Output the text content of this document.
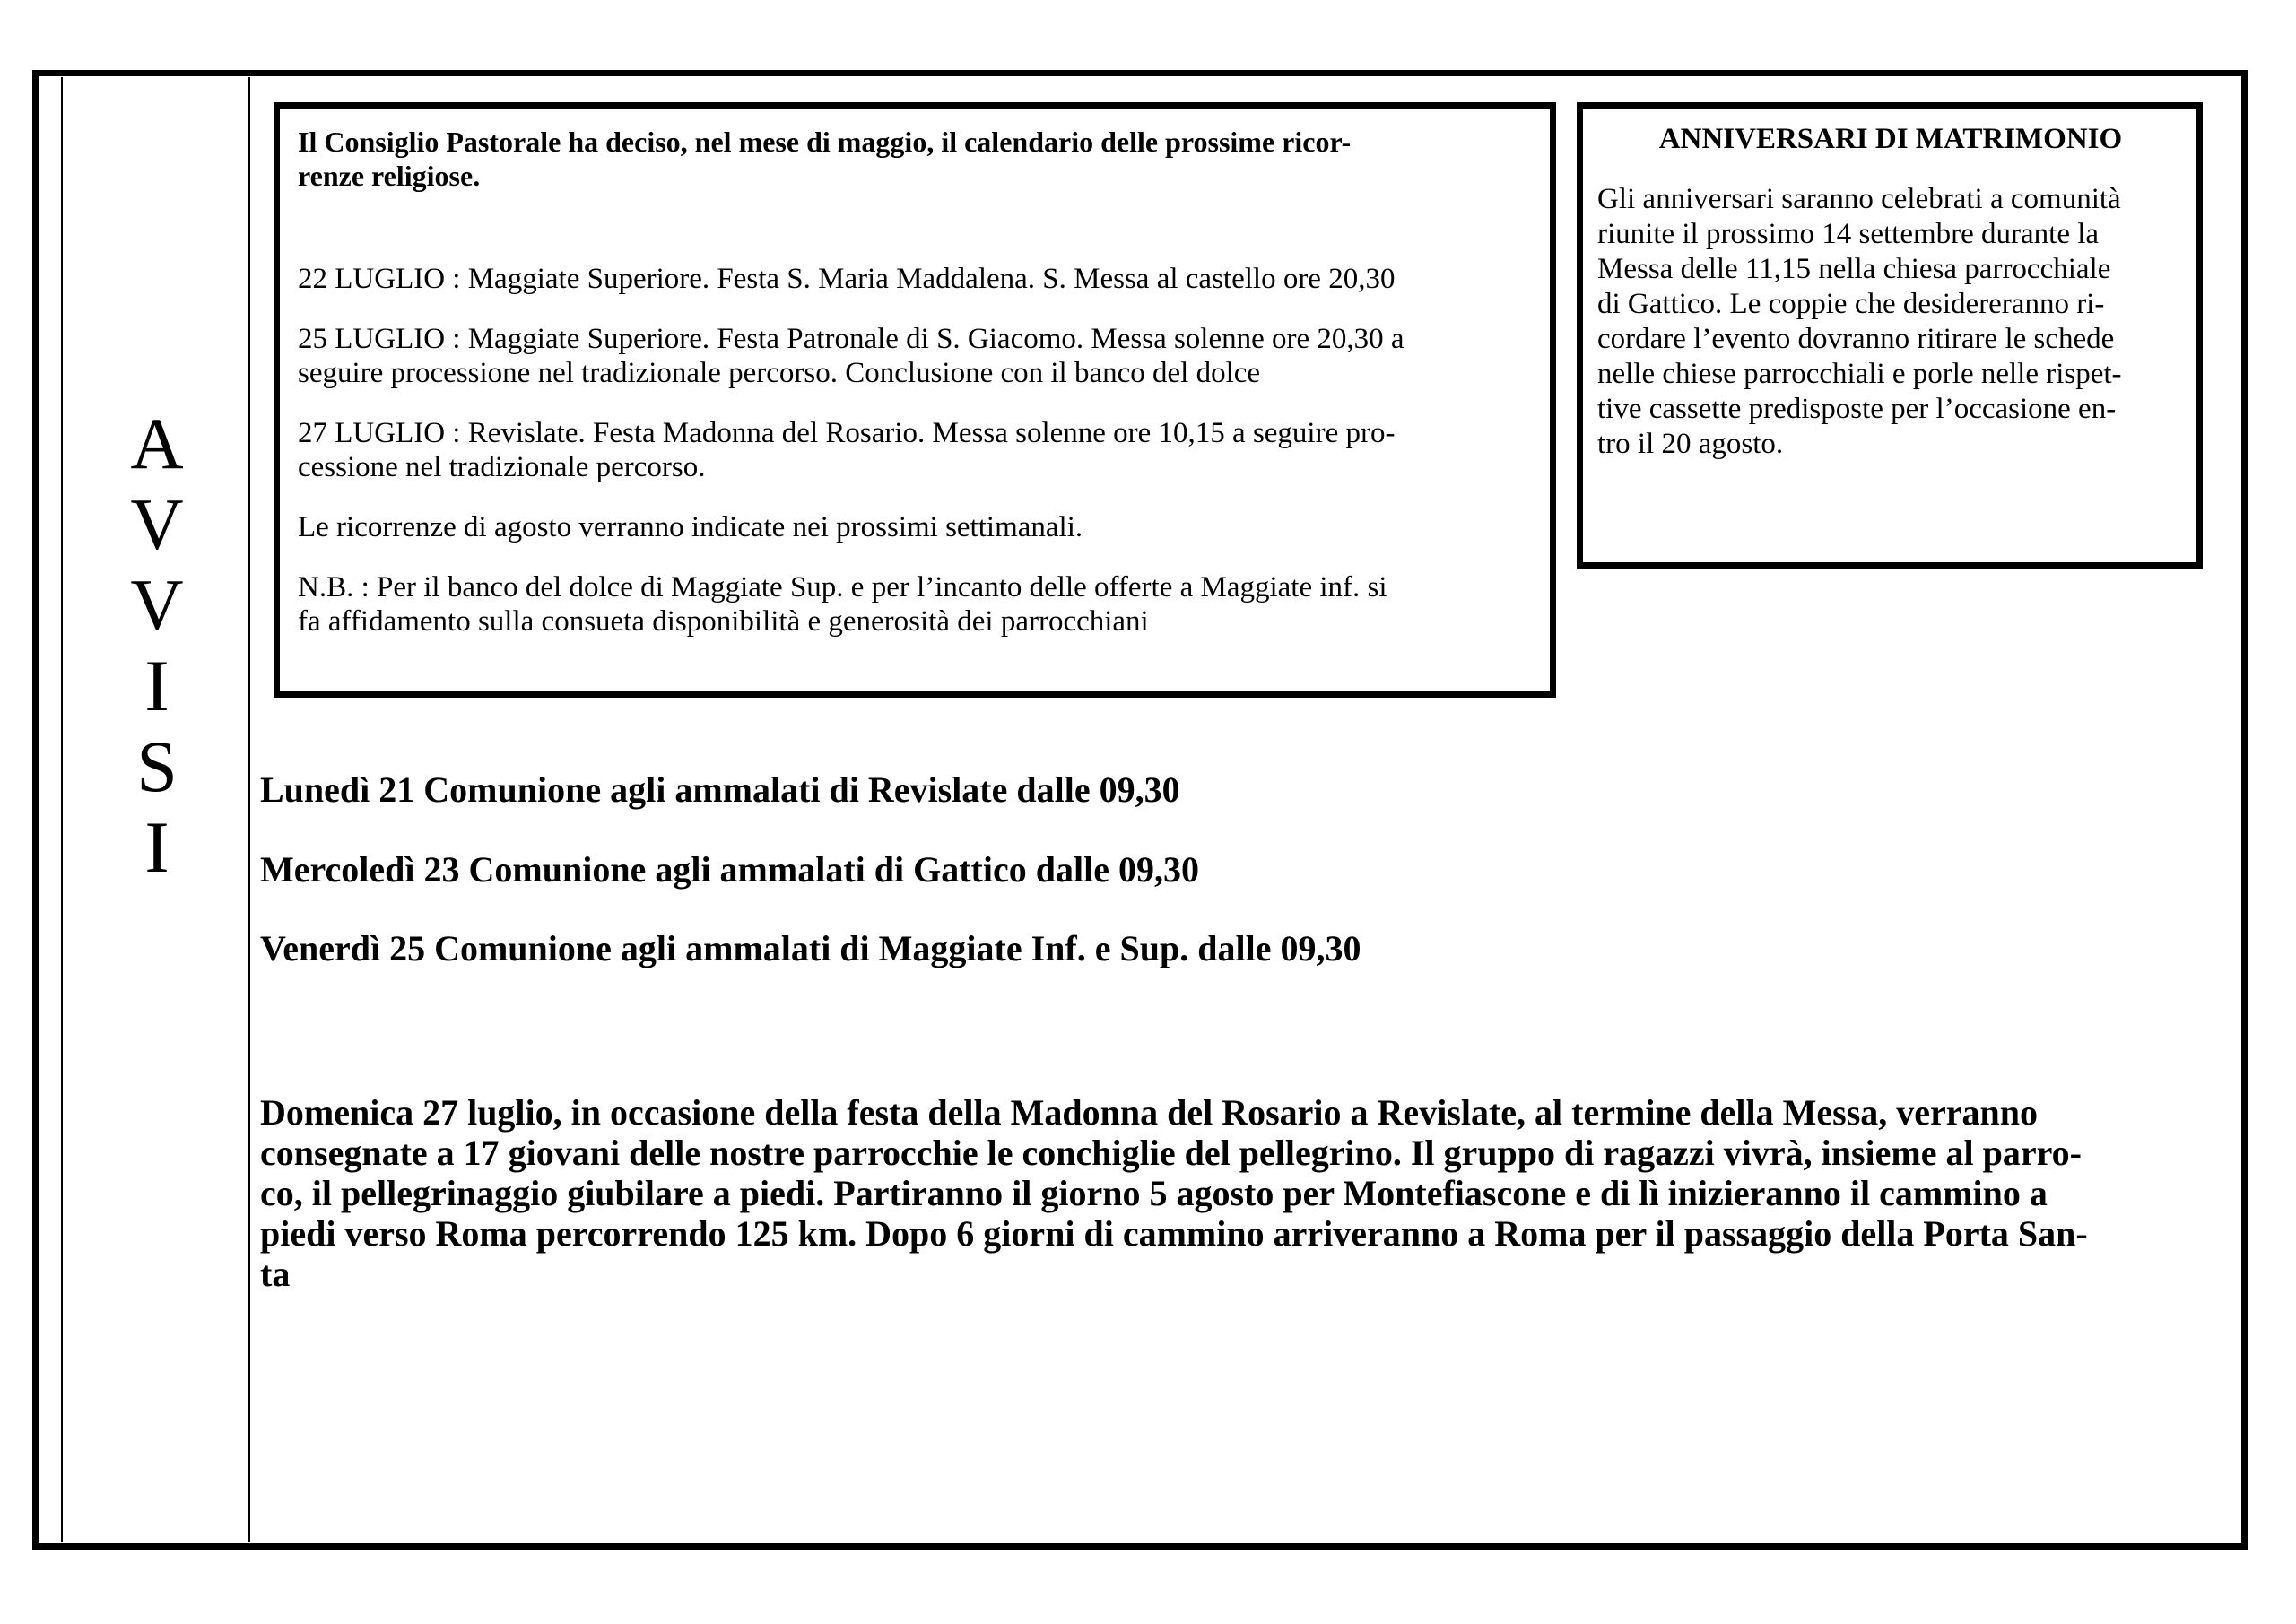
A
V
V
I
S
I

Il Consiglio Pastorale ha deciso, nel mese di maggio, il calendario delle prossime ricor-
renze religiose.

22 LUGLIO : Maggiate Superiore. Festa S. Maria Maddalena. S. Messa al castello ore 20,30

25 LUGLIO : Maggiate Superiore. Festa Patronale di S. Giacomo. Messa solenne ore 20,30 a
seguire processione nel tradizionale percorso. Conclusione con il banco del dolce

27 LUGLIO : Revislate. Festa Madonna del Rosario. Messa solenne ore 10,15 a seguire pro-
cessione nel tradizionale percorso.

Le ricorrenze di agosto verranno indicate nei prossimi settimanali.

N.B. : Per il banco del dolce di Maggiate Sup. e per l’incanto delle offerte a Maggiate inf. si
fa affidamento sulla consueta disponibilità e generosità dei parrocchiani

ANNIVERSARI DI MATRIMONIO

Gli anniversari saranno celebrati a comunità
riunite il prossimo 14 settembre durante la
Messa delle 11,15 nella chiesa parrocchiale
di Gattico. Le coppie che desidereranno ri-
cordare l’evento dovranno ritirare le schede
nelle chiese parrocchiali e porle nelle rispet-
tive cassette predisposte per l’occasione en-
tro il 20 agosto.

Lunedì 21 Comunione agli ammalati di Revislate dalle 09,30
Mercoledì 23 Comunione agli ammalati di Gattico dalle 09,30
Venerdì 25 Comunione agli ammalati di Maggiate Inf. e Sup. dalle 09,30
Domenica 27 luglio, in occasione della festa della Madonna del Rosario a Revislate, al termine della Messa, verranno
consegnate a 17 giovani delle nostre parrocchie le conchiglie del pellegrino. Il gruppo di ragazzi vivrà, insieme al parro-
co, il pellegrinaggio giubilare a piedi. Partiranno il giorno 5 agosto per Montefiascone e di lì inizieranno il cammino a
piedi verso Roma percorrendo 125 km. Dopo 6 giorni di cammino arriveranno a Roma per il passaggio della Porta San-
ta
